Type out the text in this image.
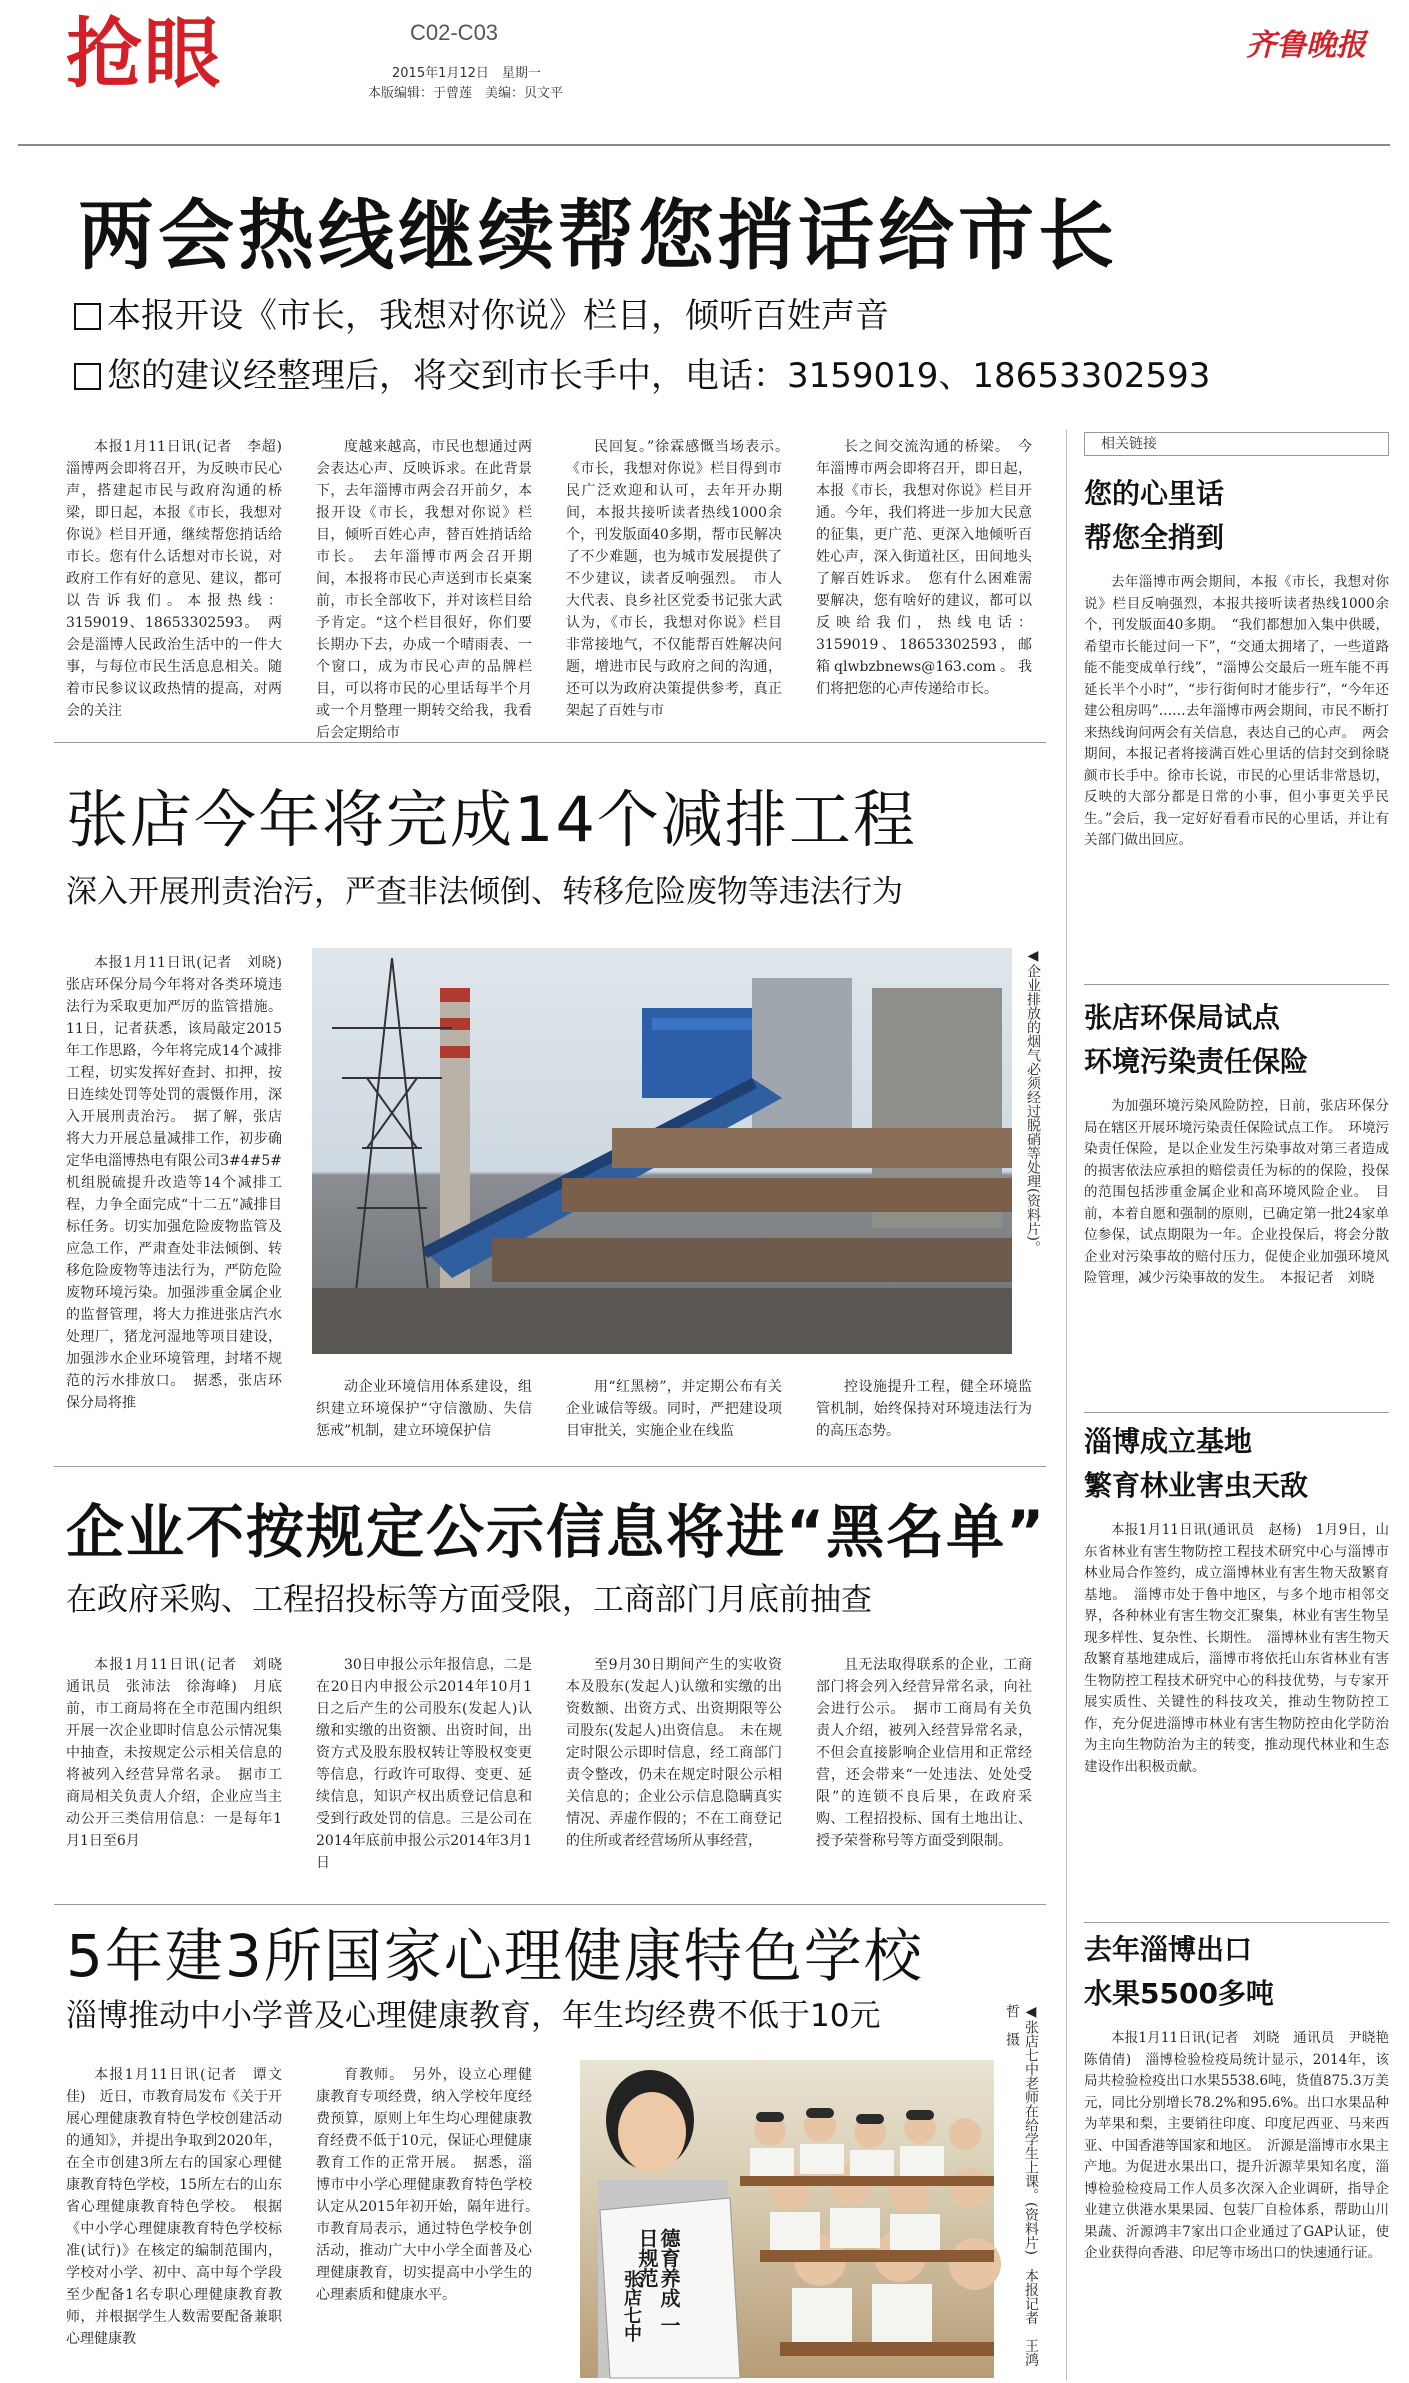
抢眼	C02-C03
2015年1月12日　星期一
本版编辑：于曾莲　美编：贝文平
齐鲁晚报
两会热线继续帮您捎话给市长
本报开设《市长，我想对你说》栏目，倾听百姓声音
您的建议经整理后，将交到市长手中，电话：3159019、18653302593

本报1月11日讯(记者　李超)　淄博两会即将召开，为反映市民心声，搭建起市民与政府沟通的桥梁，即日起，本报《市长，我想对你说》栏目开通，继续帮您捎话给市长。您有什么话想对市长说，对政府工作有好的意见、建议，都可以告诉我们。本报热线：3159019、18653302593。　两会是淄博人民政治生活中的一件大事，与每位市民生活息息相关。随着市民参议议政热情的提高，对两会的关注

度越来越高，市民也想通过两会表达心声、反映诉求。在此背景下，去年淄博市两会召开前夕，本报开设《市长，我想对你说》栏目，倾听百姓心声，替百姓捎话给市长。　去年淄博市两会召开期间，本报将市民心声送到市长桌案前，市长全部收下，并对该栏目给予肯定。“这个栏目很好，你们要长期办下去，办成一个晴雨表、一个窗口，成为市民心声的品牌栏目，可以将市民的心里话每半个月或一个月整理一期转交给我，我看后会定期给市

民回复。”徐霖感慨当场表示。　《市长，我想对你说》栏目得到市民广泛欢迎和认可，去年开办期间，本报共接听读者热线1000余个，刊发版面40多期，帮市民解决了不少难题，也为城市发展提供了不少建议，读者反响强烈。　市人大代表、良乡社区党委书记张大武认为，《市长，我想对你说》栏目非常接地气，不仅能帮百姓解决问题，增进市民与政府之间的沟通，还可以为政府决策提供参考，真正架起了百姓与市

长之间交流沟通的桥梁。　今年淄博市两会即将召开，即日起，本报《市长，我想对你说》栏目开通。今年，我们将进一步加大民意的征集，更广范、更深入地倾听百姓心声，深入街道社区，田间地头了解百姓诉求。　您有什么困难需要解决，您有啥好的建议，都可以反映给我们，热线电话：3159019、18653302593，邮箱qlwbzbnews@163.com。我们将把您的心声传递给市长。

张店今年将完成14个减排工程
深入开展刑责治污，严查非法倾倒、转移危险废物等违法行为

本报1月11日讯(记者　刘晓)　张店环保分局今年将对各类环境违法行为采取更加严厉的监管措施。11日，记者获悉，该局敲定2015年工作思路，今年将完成14个减排工程，切实发挥好查封、扣押，按日连续处罚等处罚的震慑作用，深入开展刑责治污。　据了解，张店将大力开展总量减排工作，初步确定华电淄博热电有限公司3#4#5#机组脱硫提升改造等14个减排工程，力争全面完成“十二五”减排目标任务。切实加强危险废物监管及应急工作，严肃查处非法倾倒、转移危险废物等违法行为，严防危险废物环境污染。加强涉重金属企业的监督管理，将大力推进张店汽水处理厂，猪龙河湿地等项目建设，加强涉水企业环境管理，封堵不规范的污水排放口。　据悉，张店环保分局将推

◀企业排放的烟气必须经过脱硝等处理(资料片)。

动企业环境信用体系建设，组织建立环境保护“守信激励、失信惩戒”机制，建立环境保护信

用“红黑榜”，并定期公布有关企业诚信等级。同时，严把建设项目审批关，实施企业在线监

控设施提升工程，健全环境监管机制，始终保持对环境违法行为的高压态势。

企业不按规定公示信息将进“黑名单”
在政府采购、工程招投标等方面受限，工商部门月底前抽查

本报1月11日讯(记者　刘晓　通讯员　张沛法　徐海峰)　月底前，市工商局将在全市范围内组织开展一次企业即时信息公示情况集中抽查，未按规定公示相关信息的将被列入经营异常名录。　据市工商局相关负责人介绍，企业应当主动公开三类信用信息：一是每年1月1日至6月

30日申报公示年报信息，二是在20日内申报公示2014年10月1日之后产生的公司股东(发起人)认缴和实缴的出资额、出资时间，出资方式及股东股权转让等股权变更等信息，行政许可取得、变更、延续信息，知识产权出质登记信息和受到行政处罚的信息。三是公司在2014年底前申报公示2014年3月1日

至9月30日期间产生的实收资本及股东(发起人)认缴和实缴的出资数额、出资方式、出资期限等公司股东(发起人)出资信息。　未在规定时限公示即时信息，经工商部门责令整改，仍未在规定时限公示相关信息的；企业公示信息隐瞒真实情况、弄虚作假的；不在工商登记的住所或者经营场所从事经营，

且无法取得联系的企业，工商部门将会列入经营异常名录，向社会进行公示。　据市工商局有关负责人介绍，被列入经营异常名录，不但会直接影响企业信用和正常经营，还会带来“一处违法、处处受限”的连锁不良后果，在政府采购、工程招投标、国有土地出让、授予荣誉称号等方面受到限制。

5年建3所国家心理健康特色学校
淄博推动中小学普及心理健康教育，年生均经费不低于10元

本报1月11日讯(记者　谭文佳)　近日，市教育局发布《关于开展心理健康教育特色学校创建活动的通知》，并提出争取到2020年，在全市创建3所左右的国家心理健康教育特色学校，15所左右的山东省心理健康教育特色学校。　根据《中小学心理健康教育特色学校标准(试行)》在核定的编制范围内，学校对小学、初中、高中每个学段至少配备1名专职心理健康教育教师，并根据学生人数需要配备兼职心理健康教

育教师。　另外，设立心理健康教育专项经费，纳入学校年度经费预算，原则上年生均心理健康教育经费不低于10元，保证心理健康教育工作的正常开展。　据悉，淄博市中小学心理健康教育特色学校认定从2015年初开始，隔年进行。　市教育局表示，通过特色学校争创活动，推动广大中小学全面普及心理健康教育，切实提高中小学生的心理素质和健康水平。	德育养成 一日规范
张店七中	◀张店七中老师在给学生上课。(资料片)　本报记者　王鸿哲　摄
相关链接
您的心里话
帮您全捎到

去年淄博市两会期间，本报《市长，我想对你说》栏目反响强烈，本报共接听读者热线1000余个，刊发版面40多期。　“我们都想加入集中供暖，希望市长能过问一下”，“交通太拥堵了，一些道路能不能变成单行线”，“淄博公交最后一班车能不再延长半个小时”，“步行街何时才能步行”，“今年还建公租房吗”……去年淄博市两会期间，市民不断打来热线询问两会有关信息，表达自己的心声。　两会期间，本报记者将接满百姓心里话的信封交到徐晓颜市长手中。徐市长说，市民的心里话非常恳切，反映的大部分都是日常的小事，但小事更关乎民生。”会后，我一定好好看看市民的心里话，并让有关部门做出回应。

张店环保局试点
环境污染责任保险

为加强环境污染风险防控，日前，张店环保分局在辖区开展环境污染责任保险试点工作。　环境污染责任保险，是以企业发生污染事故对第三者造成的损害依法应承担的赔偿责任为标的的保险，投保的范围包括涉重金属企业和高环境风险企业。　目前，本着自愿和强制的原则，已确定第一批24家单位参保，试点期限为一年。企业投保后，将会分散企业对污染事故的赔付压力，促使企业加强环境风险管理，减少污染事故的发生。　本报记者　刘晓

淄博成立基地
繁育林业害虫天敌

本报1月11日讯(通讯员　赵杨)　1月9日，山东省林业有害生物防控工程技术研究中心与淄博市林业局合作签约，成立淄博林业有害生物天敌繁育基地。　淄博市处于鲁中地区，与多个地市相邻交界，各种林业有害生物交汇聚集，林业有害生物呈现多样性、复杂性、长期性。　淄博林业有害生物天敌繁育基地建成后，淄博市将依托山东省林业有害生物防控工程技术研究中心的科技优势，与专家开展实质性、关键性的科技攻关，推动生物防控工作，充分促进淄博市林业有害生物防控由化学防治为主向生物防治为主的转变，推动现代林业和生态建设作出积极贡献。

去年淄博出口
水果5500多吨

本报1月11日讯(记者　刘晓　通讯员　尹晓艳　陈倩倩)　淄博检验检疫局统计显示，2014年，该局共检验检疫出口水果5538.6吨，货值875.3万美元，同比分别增长78.2%和95.6%。出口水果品种为苹果和梨，主要销往印度、印度尼西亚、马来西亚、中国香港等国家和地区。　沂源是淄博市水果主产地。为促进水果出口，提升沂源苹果知名度，淄博检验检疫局工作人员多次深入企业调研，指导企业建立供港水果果园、包装厂自检体系，帮助山川果蔬、沂源鸿丰7家出口企业通过了GAP认证，使企业获得向香港、印尼等市场出口的快速通行证。
